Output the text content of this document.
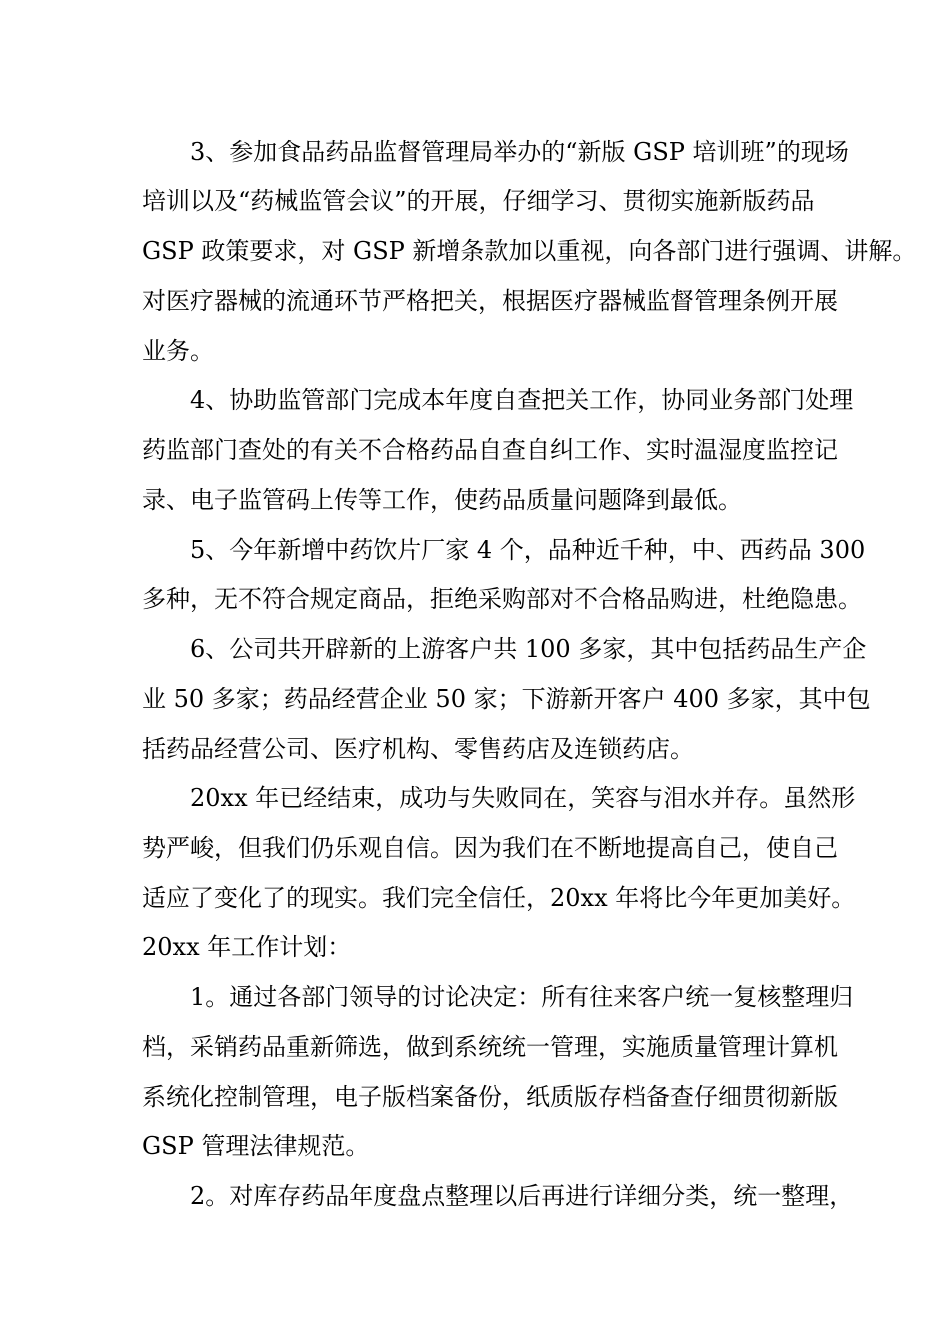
3、参加食品药品监督管理局举办的“新版 GSP 培训班”的现场
培训以及“药械监管会议”的开展，仔细学习、贯彻实施新版药品
GSP 政策要求，对 GSP 新增条款加以重视，向各部门进行强调、讲解。
对医疗器械的流通环节严格把关，根据医疗器械监督管理条例开展
业务。
4、协助监管部门完成本年度自查把关工作，协同业务部门处理
药监部门查处的有关不合格药品自查自纠工作、实时温湿度监控记
录、电子监管码上传等工作，使药品质量问题降到最低。
5、今年新增中药饮片厂家 4 个，品种近千种，中、西药品 300
多种，无不符合规定商品，拒绝采购部对不合格品购进，杜绝隐患。
6、公司共开辟新的上游客户共 100 多家，其中包括药品生产企
业 50 多家；药品经营企业 50 家；下游新开客户 400 多家，其中包
括药品经营公司、医疗机构、零售药店及连锁药店。
20xx 年已经结束，成功与失败同在，笑容与泪水并存。虽然形
势严峻，但我们仍乐观自信。因为我们在不断地提高自己，使自己
适应了变化了的现实。我们完全信任，20xx 年将比今年更加美好。
20xx 年工作计划：
1。通过各部门领导的讨论决定：所有往来客户统一复核整理归
档，采销药品重新筛选，做到系统统一管理，实施质量管理计算机
系统化控制管理，电子版档案备份，纸质版存档备查仔细贯彻新版
GSP 管理法律规范。
2。对库存药品年度盘点整理以后再进行详细分类，统一整理，
